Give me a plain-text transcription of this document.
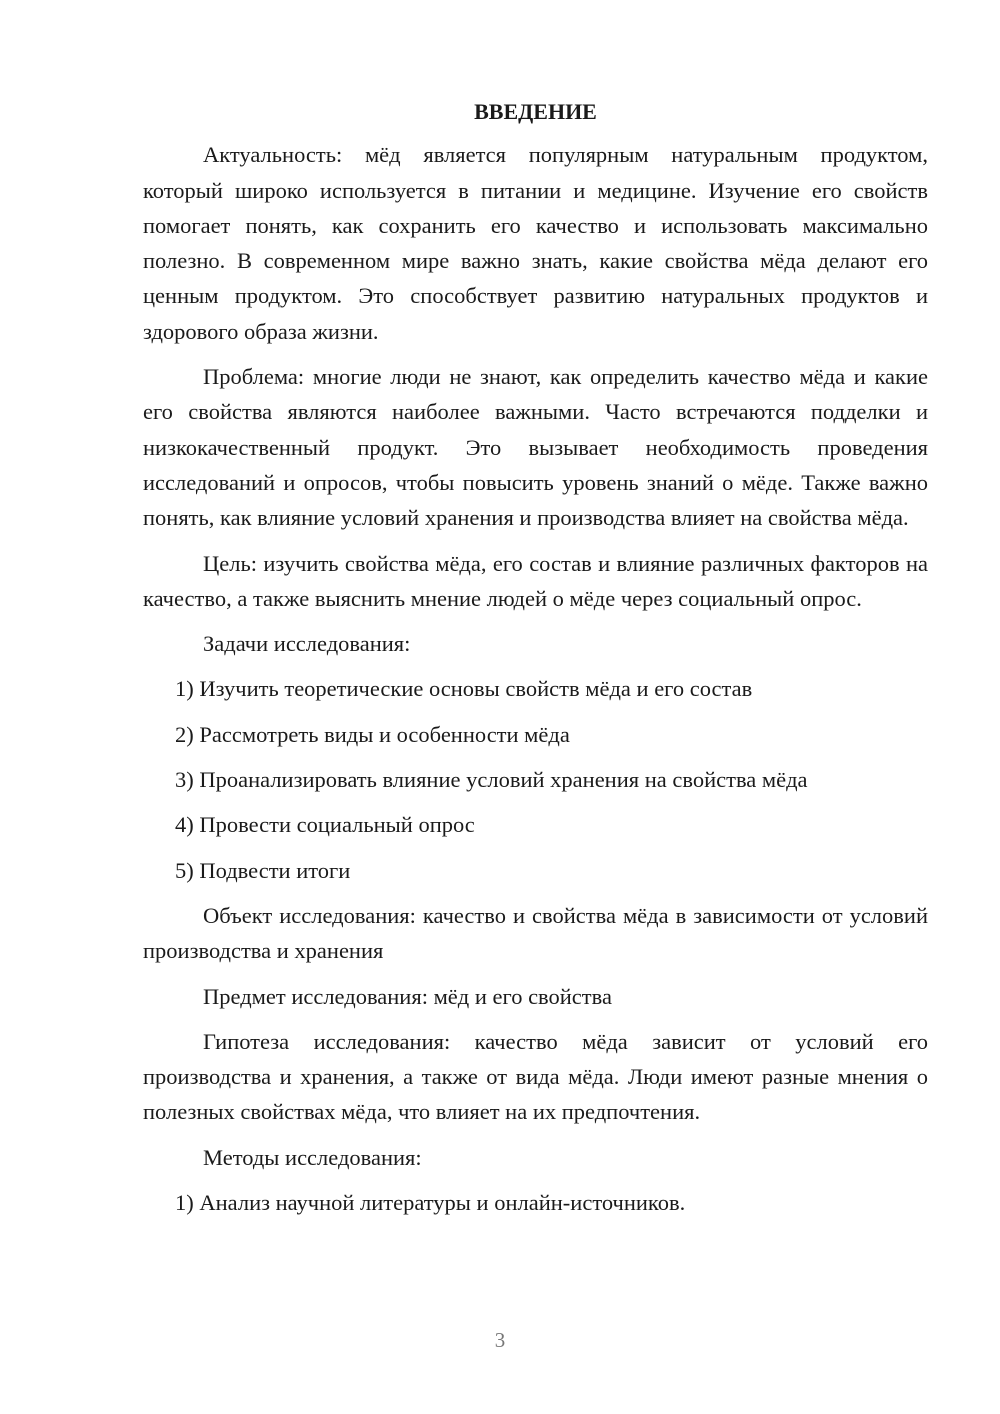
ВВЕДЕНИЕ

Актуальность: мёд является популярным натуральным продуктом, который широко используется в питании и медицине. Изучение его свойств помогает понять, как сохранить его качество и использовать максимально полезно. В современном мире важно знать, какие свойства мёда делают его ценным продуктом. Это способствует развитию натуральных продуктов и здорового образа жизни.

Проблема: многие люди не знают, как определить качество мёда и какие его свойства являются наиболее важными. Часто встречаются подделки и низкокачественный продукт. Это вызывает необходимость проведения исследований и опросов, чтобы повысить уровень знаний о мёде. Также важно понять, как влияние условий хранения и производства влияет на свойства мёда.

Цель: изучить свойства мёда, его состав и влияние различных факторов на качество, а также выяснить мнение людей о мёде через социальный опрос.

Задачи исследования:

1) Изучить теоретические основы свойств мёда и его состав

2) Рассмотреть виды и особенности мёда

3) Проанализировать влияние условий хранения на свойства мёда

4) Провести социальный опрос

5) Подвести итоги

Объект исследования: качество и свойства мёда в зависимости от условий производства и хранения

Предмет исследования: мёд и его свойства

Гипотеза исследования: качество мёда зависит от условий его производства и хранения, а также от вида мёда. Люди имеют разные мнения о полезных свойствах мёда, что влияет на их предпочтения.

Методы исследования:

1) Анализ научной литературы и онлайн-источников.

3
